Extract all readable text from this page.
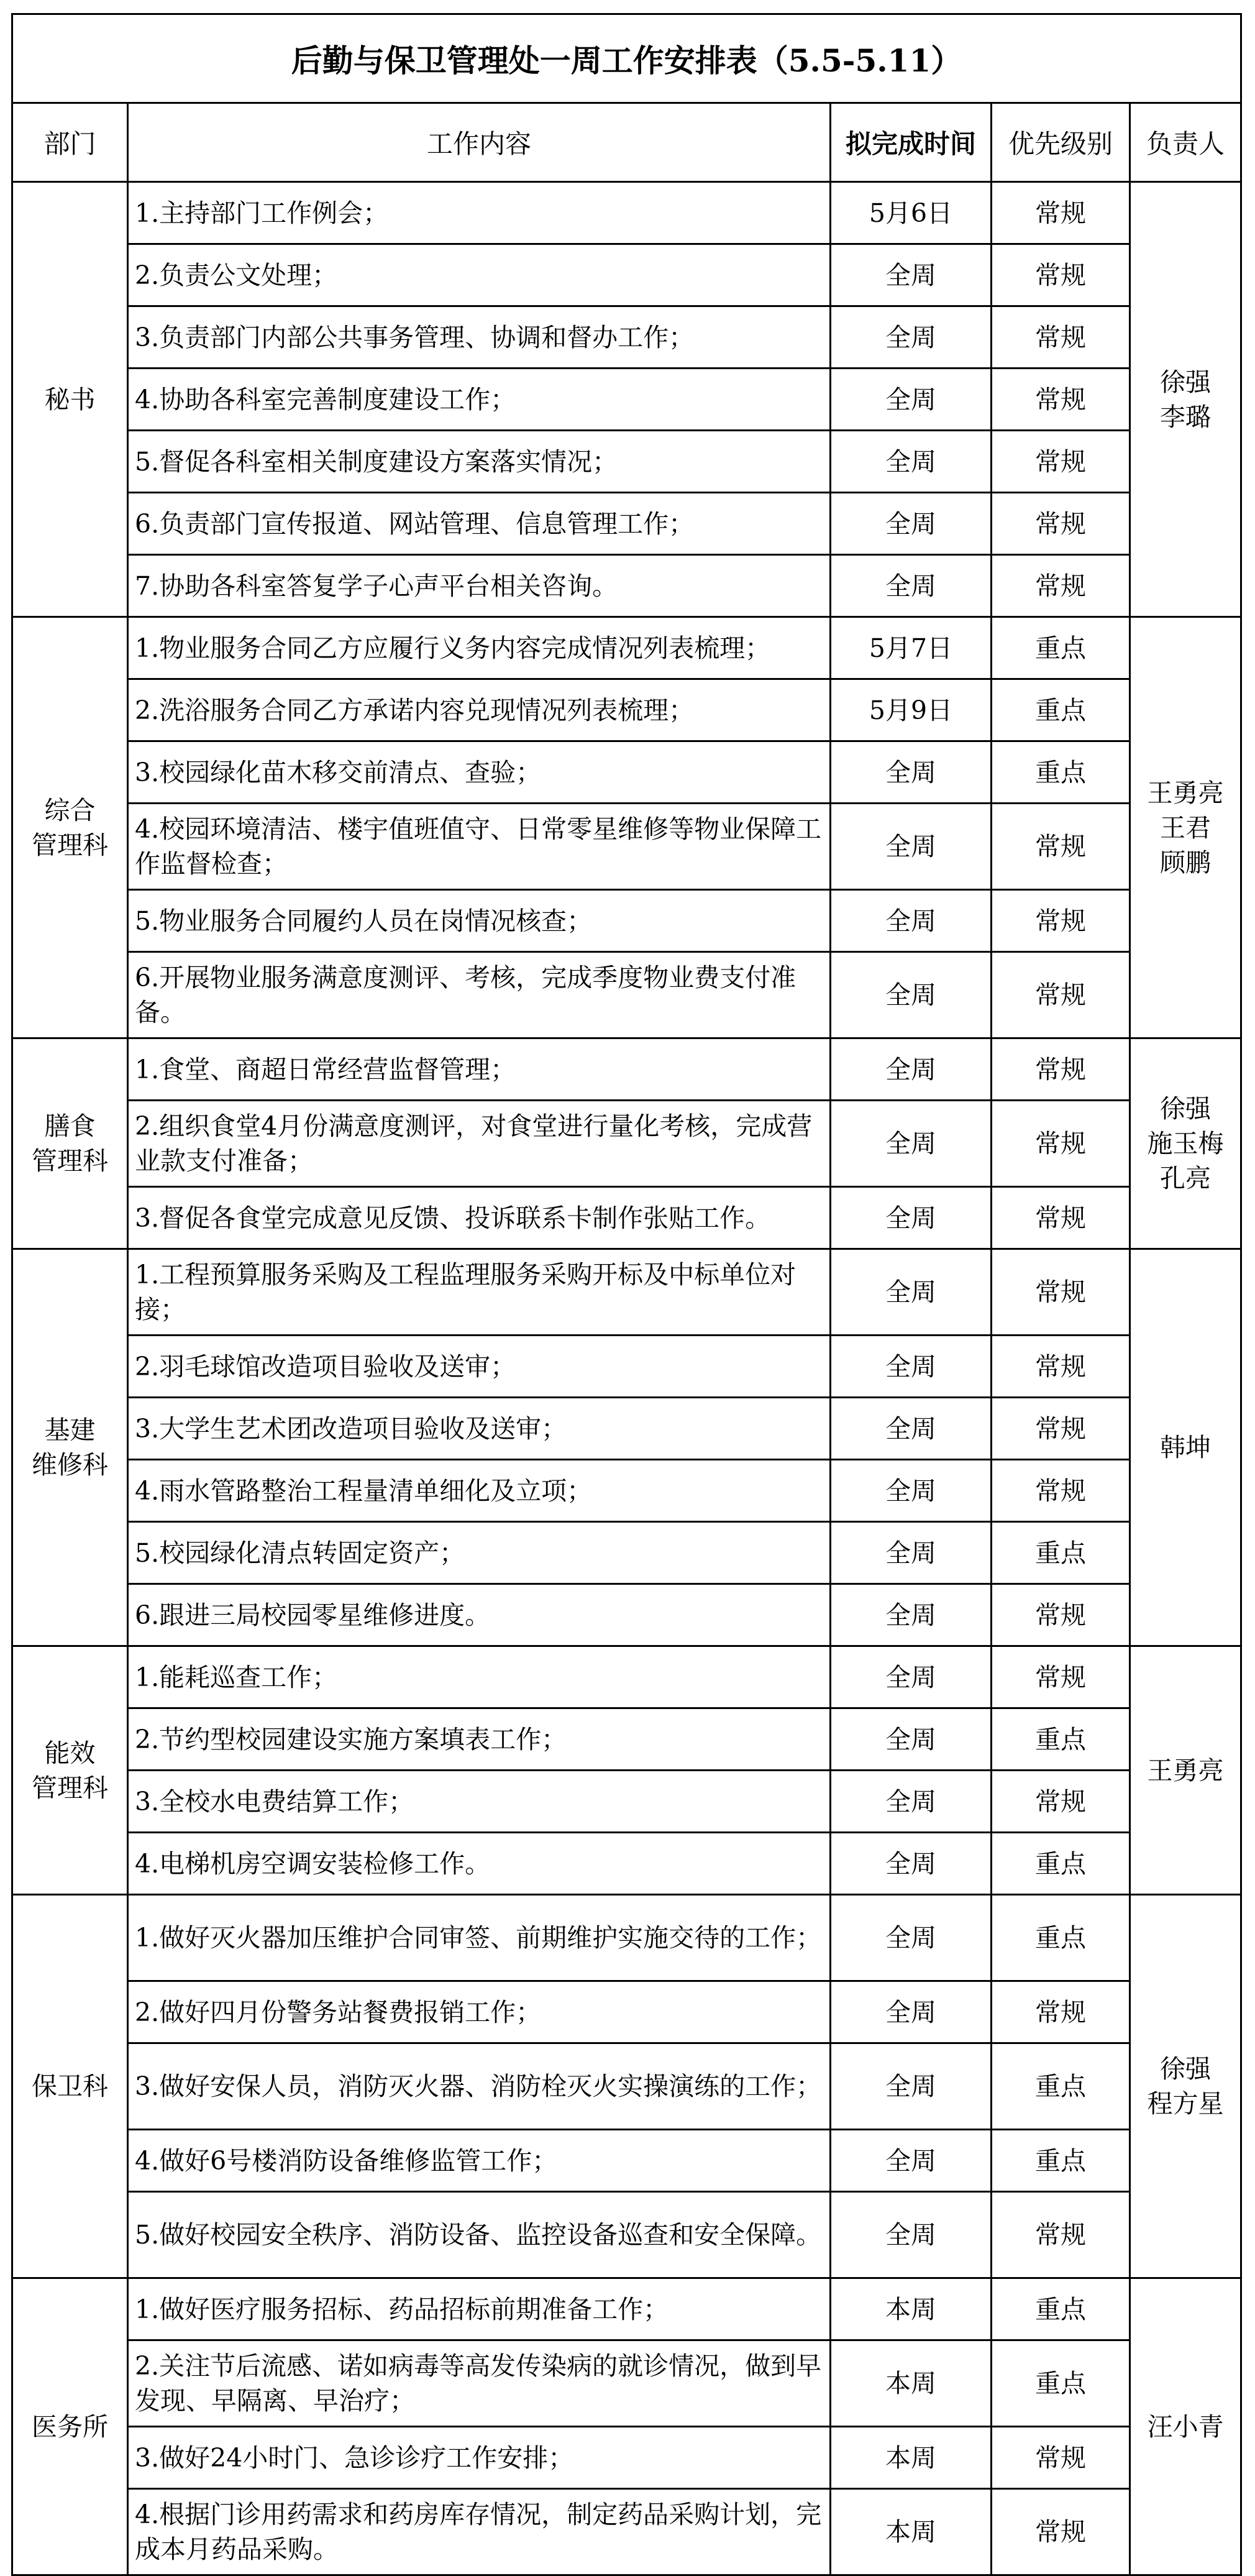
后勤与保卫管理处一周工作安排表（5.5-5.11）
部门	工作内容	拟完成时间	优先级别	负责人

秘书
	1.主持部门工作例会；	5月6日	常规	
徐强
李璐

2.负责公文处理；	全周	常规
3.负责部门内部公共事务管理、协调和督办工作；	全周	常规
4.协助各科室完善制度建设工作；	全周	常规
5.督促各科室相关制度建设方案落实情况；	全周	常规
6.负责部门宣传报道、网站管理、信息管理工作；	全周	常规
7.协助各科室答复学子心声平台相关咨询。	全周	常规

综合
管理科
	1.物业服务合同乙方应履行义务内容完成情况列表梳理；	5月7日	重点	
王勇亮
王君
顾鹏

2.洗浴服务合同乙方承诺内容兑现情况列表梳理；	5月9日	重点
3.校园绿化苗木移交前清点、查验；	全周	重点
4.校园环境清洁、楼宇值班值守、日常零星维修等物业保障工作监督检查；	全周	常规
5.物业服务合同履约人员在岗情况核查；	全周	常规
6.开展物业服务满意度测评、考核，完成季度物业费支付准备。	全周	常规

膳食
管理科
	1.食堂、商超日常经营监督管理；	全周	常规	
徐强
施玉梅
孔亮

2.组织食堂4月份满意度测评，对食堂进行量化考核，完成营业款支付准备；	全周	常规
3.督促各食堂完成意见反馈、投诉联系卡制作张贴工作。	全周	常规

基建
维修科
	1.工程预算服务采购及工程监理服务采购开标及中标单位对接；	全周	常规	
韩坤

2.羽毛球馆改造项目验收及送审；	全周	常规
3.大学生艺术团改造项目验收及送审；	全周	常规
4.雨水管路整治工程量清单细化及立项；	全周	常规
5.校园绿化清点转固定资产；	全周	重点
6.跟进三局校园零星维修进度。	全周	常规

能效
管理科
	1.能耗巡查工作；	全周	常规	
王勇亮

2.节约型校园建设实施方案填表工作；	全周	重点
3.全校水电费结算工作；	全周	常规
4.电梯机房空调安装检修工作。	全周	重点

保卫科
	1.做好灭火器加压维护合同审签、前期维护实施交待的工作；	全周	重点	
徐强
程方星

2.做好四月份警务站餐费报销工作；	全周	常规
3.做好安保人员，消防灭火器、消防栓灭火实操演练的工作；	全周	重点
4.做好6号楼消防设备维修监管工作；	全周	重点
5.做好校园安全秩序、消防设备、监控设备巡查和安全保障。	全周	常规

医务所
	1.做好医疗服务招标、药品招标前期准备工作；	本周	重点	
汪小青

2.关注节后流感、诺如病毒等高发传染病的就诊情况，做到早发现、早隔离、早治疗；	本周	重点
3.做好24小时门、急诊诊疗工作安排；	本周	常规
4.根据门诊用药需求和药房库存情况，制定药品采购计划，完成本月药品采购。	本周	常规
